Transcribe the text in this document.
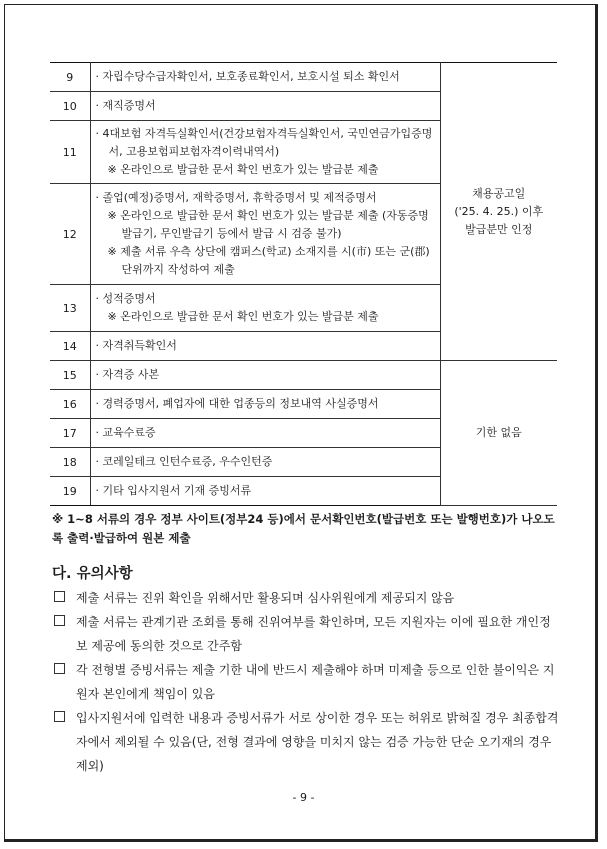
9	· 자립수당수급자확인서, 보호종료확인서, 보호시설 퇴소 확인서	채용공고일
('25. 4. 25.) 이후
발급분만 인정

10	· 재직증명서	

11	· 4대보험 자격득실확인서(건강보험자격득실확인서, 국민연금가입증명서, 고용보험피보험자격이력내역서)
※ 온라인으로 발급한 문서 확인 번호가 있는 발급분 제출	

12	· 졸업(예정)증명서, 재학증명서, 휴학증명서 및 제적증명서
※ 온라인으로 발급한 문서 확인 번호가 있는 발급분 제출 (자동증명발급기, 무인발급기 등에서 발급 시 검증 불가)
※ 제출 서류 우측 상단에 캠퍼스(학교) 소재지를 시(市) 또는 군(郡) 단위까지 작성하여 제출	

13	· 성적증명서
※ 온라인으로 발급한 문서 확인 번호가 있는 발급분 제출	

14	· 자격취득확인서	

15	· 자격증 사본	기한 없음
16	· 경력증명서, 폐업자에 대한 업종등의 정보내역 사실증명서	

17	· 교육수료증	

18	· 코레일테크 인턴수료증, 우수인턴증	

19	· 기타 입사지원서 기재 증빙서류	
※ 1~8 서류의 경우 정부 사이트(정부24 등)에서 문서확인번호(발급번호 또는 발행번호)가 나오도록 출력·발급하여 원본 제출
다. 유의사항
제출 서류는 진위 확인을 위해서만 활용되며 심사위원에게 제공되지 않음
제출 서류는 관계기관 조회를 통해 진위여부를 확인하며, 모든 지원자는 이에 필요한 개인정보 제공에 동의한 것으로 간주함
각 전형별 증빙서류는 제출 기한 내에 반드시 제출해야 하며 미제출 등으로 인한 불이익은 지원자 본인에게 책임이 있음
입사지원서에 입력한 내용과 증빙서류가 서로 상이한 경우 또는 허위로 밝혀질 경우 최종합격자에서 제외될 수 있음(단, 전형 결과에 영향을 미치지 않는 검증 가능한 단순 오기재의 경우 제외)
- 9 -
